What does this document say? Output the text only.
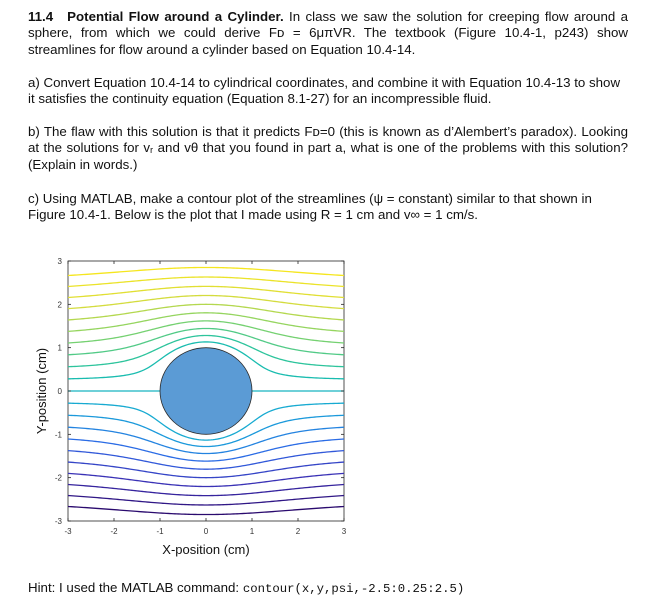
11.4 Potential Flow around a Cylinder. In class we saw the solution for creeping flow around a sphere, from which we could derive Fᴅ = 6μπVR. The textbook (Figure 10.4-1, p243) show streamlines for flow around a cylinder based on Equation 10.4-14.

a) Convert Equation 10.4-14 to cylindrical coordinates, and combine it with Equation 10.4-13 to show it satisfies the continuity equation (Equation 8.1-27) for an incompressible fluid.

b) The flaw with this solution is that it predicts Fᴅ=0 (this is known as d’Alembert’s paradox). Looking at the solutions for vᵣ and vθ that you found in part a, what is one of the problems with this solution? (Explain in words.)

c) Using MATLAB, make a contour plot of the streamlines (ψ = constant) similar to that shown in Figure 10.4-1. Below is the plot that I made using R = 1 cm and v∞ = 1 cm/s.

-3	-2	-1	0	1	2	3
-3
-2
-1
0
1
2
3
X-position (cm)
Y-position (cm)
Hint: I used the MATLAB command: contour(x,y,psi,-2.5:0.25:2.5)
